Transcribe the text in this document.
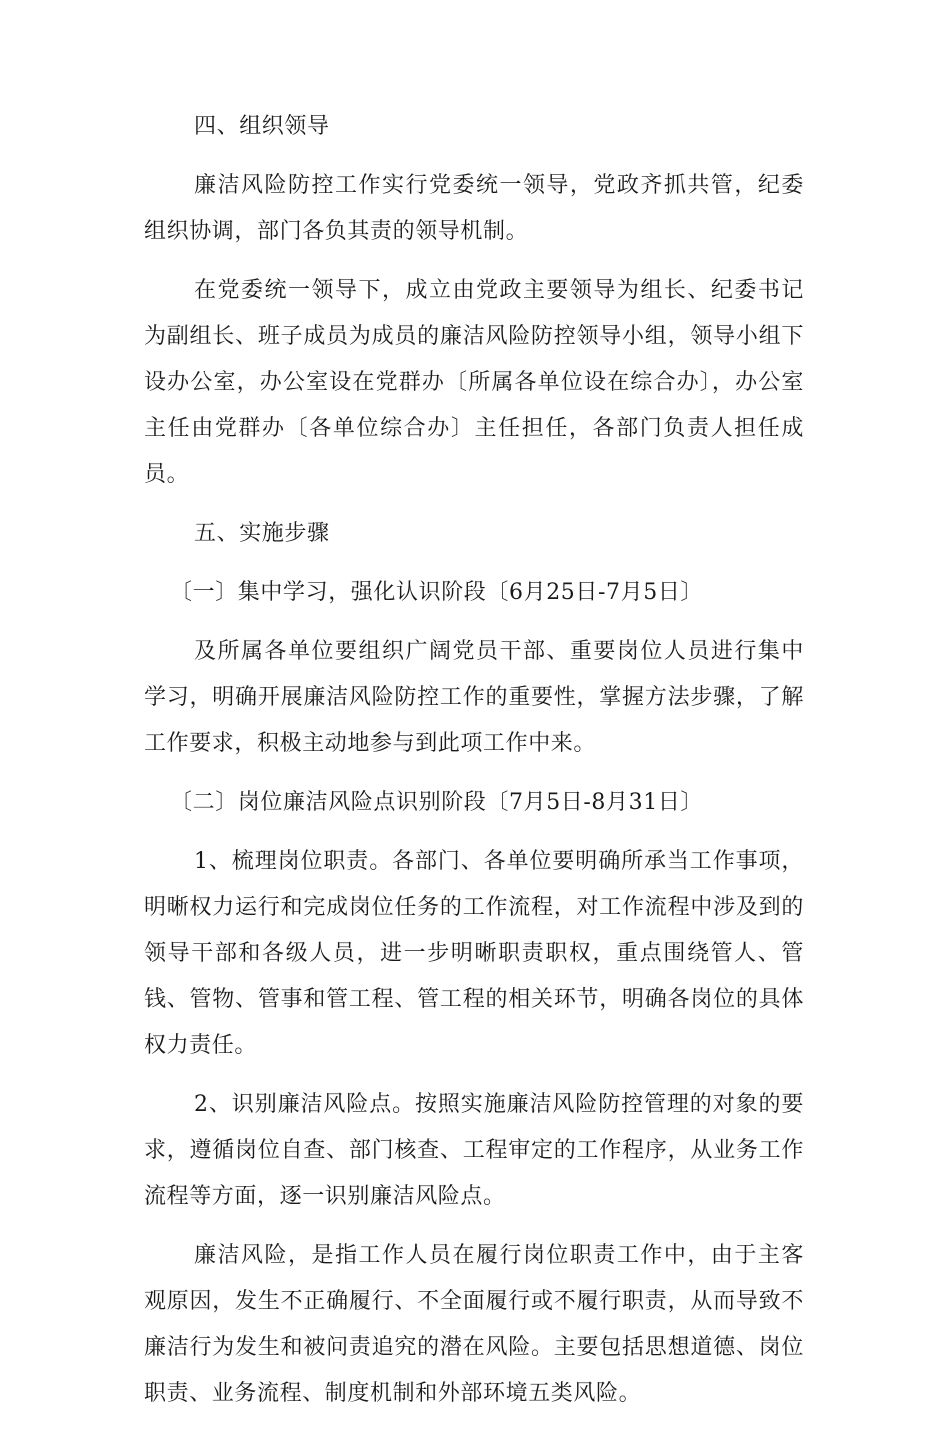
四、组织领导

廉洁风险防控工作实行党委统一领导，党政齐抓共管，纪委组织协调，部门各负其责的领导机制。

在党委统一领导下，成立由党政主要领导为组长、纪委书记为副组长、班子成员为成员的廉洁风险防控领导小组，领导小组下设办公室，办公室设在党群办〔所属各单位设在综合办〕，办公室主任由党群办〔各单位综合办〕主任担任，各部门负责人担任成员。

五、实施步骤

〔一〕集中学习，强化认识阶段〔6月25日-7月5日〕

及所属各单位要组织广阔党员干部、重要岗位人员进行集中学习，明确开展廉洁风险防控工作的重要性，掌握方法步骤，了解工作要求，积极主动地参与到此项工作中来。

〔二〕岗位廉洁风险点识别阶段〔7月5日-8月31日〕

1、梳理岗位职责。各部门、各单位要明确所承当工作事项，明晰权力运行和完成岗位任务的工作流程，对工作流程中涉及到的领导干部和各级人员，进一步明晰职责职权，重点围绕管人、管钱、管物、管事和管工程、管工程的相关环节，明确各岗位的具体权力责任。

2、识别廉洁风险点。按照实施廉洁风险防控管理的对象的要求，遵循岗位自查、部门核查、工程审定的工作程序，从业务工作流程等方面，逐一识别廉洁风险点。

廉洁风险，是指工作人员在履行岗位职责工作中，由于主客观原因，发生不正确履行、不全面履行或不履行职责，从而导致不廉洁行为发生和被问责追究的潜在风险。主要包括思想道德、岗位职责、业务流程、制度机制和外部环境五类风险。
